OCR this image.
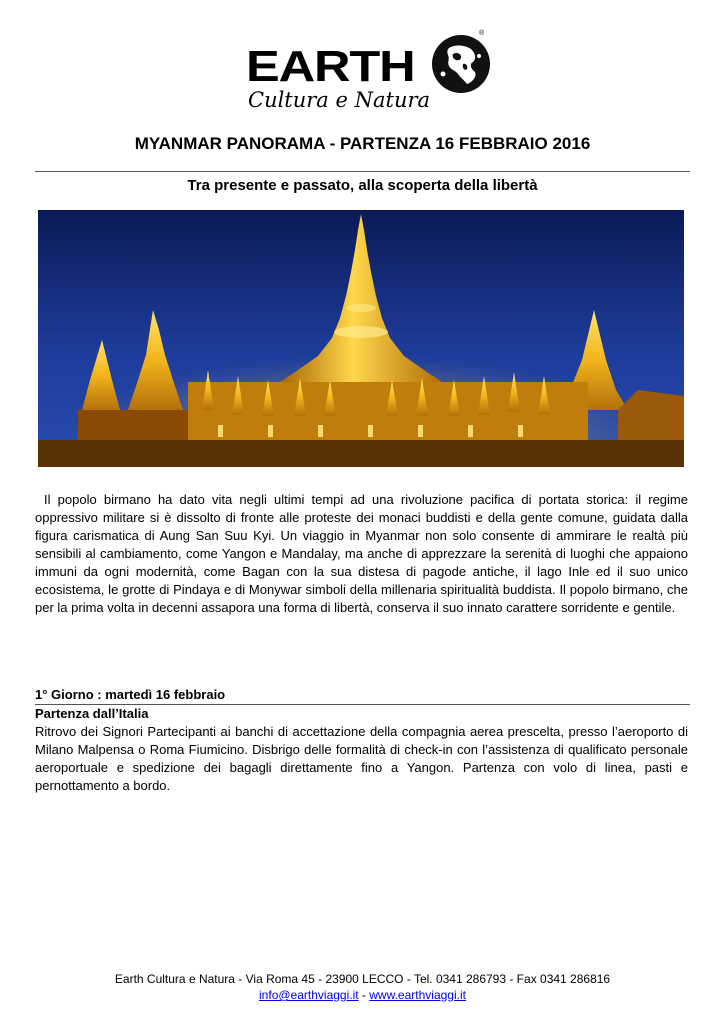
EARTH
®
Cultura e Natura
MYANMAR PANORAMA - PARTENZA 16 FEBBRAIO 2016
Tra presente e passato, alla scoperta della libertà
Il popolo birmano ha dato vita negli ultimi tempi ad una rivoluzione pacifica di portata storica: il regime oppressivo militare si è dissolto di fronte alle proteste dei monaci buddisti e della gente comune, guidata dalla figura carismatica di Aung San Suu Kyi. Un viaggio in Myanmar non solo consente di ammirare le realtà più sensibili al cambiamento, come Yangon e Mandalay, ma anche di apprezzare la serenità di luoghi che appaiono immuni da ogni modernità, come Bagan con la sua distesa di pagode antiche, il lago Inle ed il suo unico ecosistema, le grotte di Pindaya e di Monywar simboli della millenaria spiritualità buddista. Il popolo birmano, che per la prima volta in decenni assapora una forma di libertà, conserva il suo innato carattere sorridente e gentile.
1° Giorno : martedì 16 febbraio
Partenza dall’Italia
Ritrovo dei Signori Partecipanti ai banchi di accettazione della compagnia aerea prescelta, presso l’aeroporto di Milano Malpensa o Roma Fiumicino. Disbrigo delle formalità di check-in con l’assistenza di qualificato personale aeroportuale e spedizione dei bagagli direttamente fino a Yangon. Partenza con volo di linea, pasti e pernottamento a bordo.
Earth Cultura e Natura - Via Roma 45 - 23900 LECCO - Tel. 0341 286793 - Fax 0341 286816
info@earthviaggi.it - www.earthviaggi.it
